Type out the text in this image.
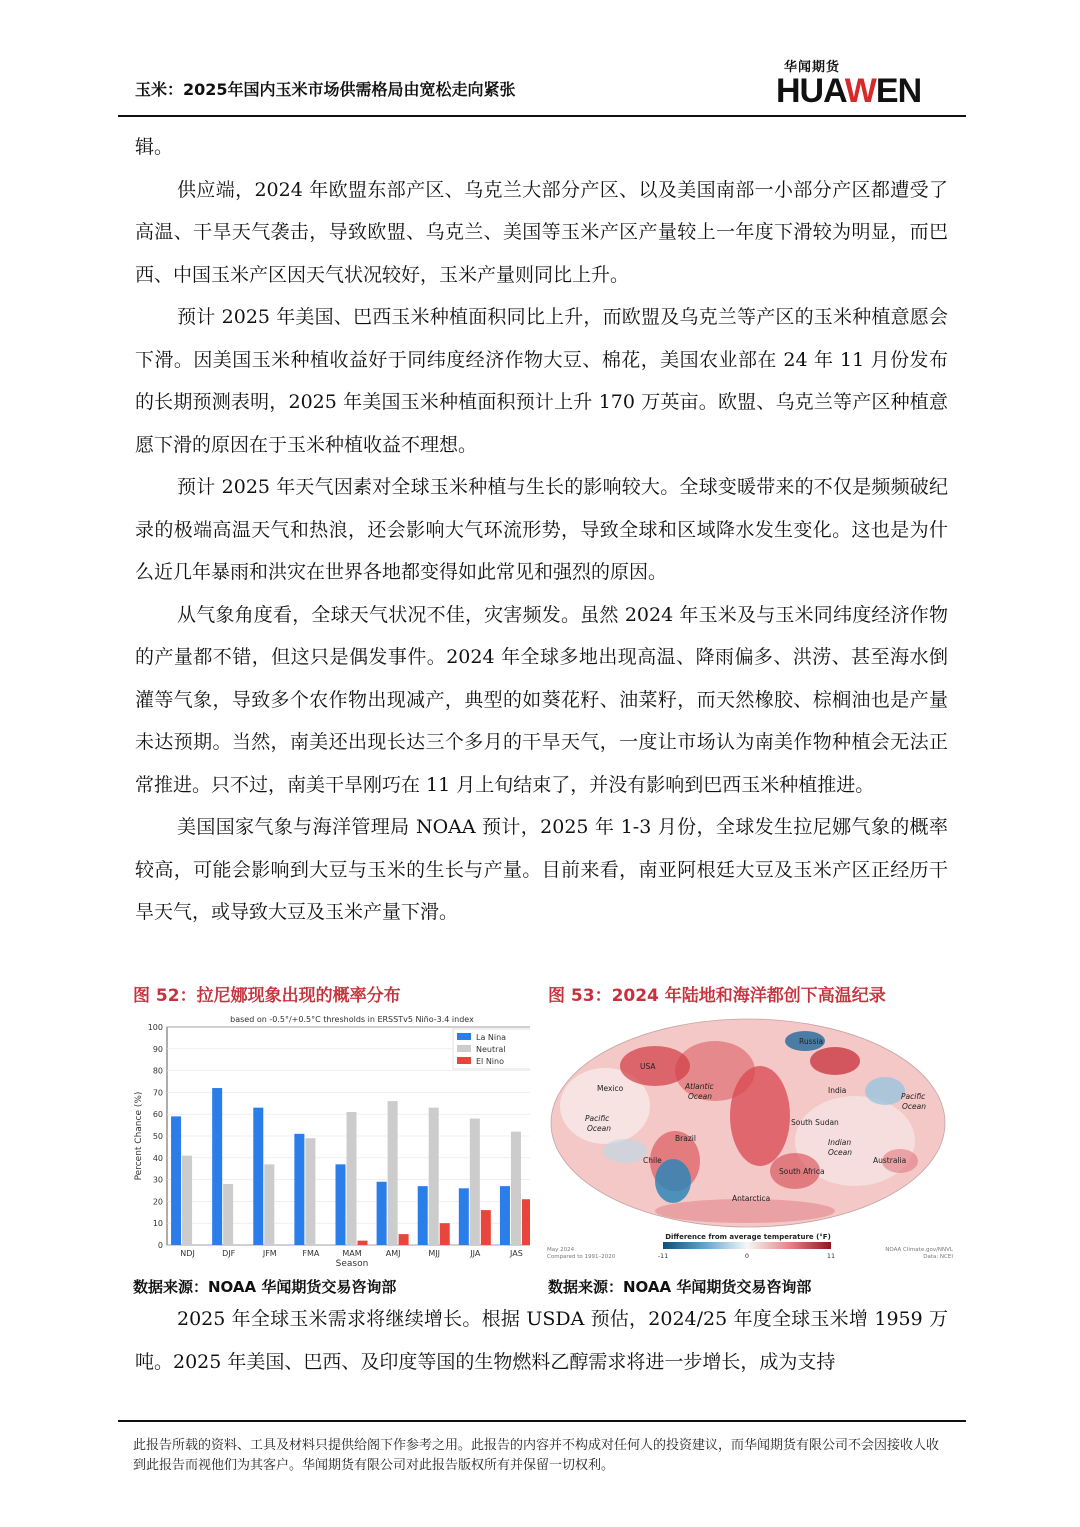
玉米：2025年国内玉米市场供需格局由宽松走向紧张
华闻期货
HUAWEN

辑。

供应端，2024 年欧盟东部产区、乌克兰大部分产区、以及美国南部一小部分产区都遭受了高温、干旱天气袭击，导致欧盟、乌克兰、美国等玉米产区产量较上一年度下滑较为明显，而巴西、中国玉米产区因天气状况较好，玉米产量则同比上升。

预计 2025 年美国、巴西玉米种植面积同比上升，而欧盟及乌克兰等产区的玉米种植意愿会下滑。因美国玉米种植收益好于同纬度经济作物大豆、棉花，美国农业部在 24 年 11 月份发布的长期预测表明，2025 年美国玉米种植面积预计上升 170 万英亩。欧盟、乌克兰等产区种植意愿下滑的原因在于玉米种植收益不理想。

预计 2025 年天气因素对全球玉米种植与生长的影响较大。全球变暖带来的不仅是频频破纪录的极端高温天气和热浪，还会影响大气环流形势，导致全球和区域降水发生变化。这也是为什么近几年暴雨和洪灾在世界各地都变得如此常见和强烈的原因。

从气象角度看，全球天气状况不佳，灾害频发。虽然 2024 年玉米及与玉米同纬度经济作物的产量都不错，但这只是偶发事件。2024 年全球多地出现高温、降雨偏多、洪涝、甚至海水倒灌等气象，导致多个农作物出现减产，典型的如葵花籽、油菜籽，而天然橡胶、棕榈油也是产量未达预期。当然，南美还出现长达三个多月的干旱天气，一度让市场认为南美作物种植会无法正常推进。只不过，南美干旱刚巧在 11 月上旬结束了，并没有影响到巴西玉米种植推进。

美国国家气象与海洋管理局 NOAA 预计，2025 年 1-3 月份，全球发生拉尼娜气象的概率较高，可能会影响到大豆与玉米的生长与产量。目前来看，南亚阿根廷大豆及玉米产区正经历干旱天气，或导致大豆及玉米产量下滑。

图 52：拉尼娜现象出现的概率分布	图 53：2024 年陆地和海洋都创下高温纪录
based on -0.5°/+0.5°C thresholds in ERSSTv5 Niño-3.4 index
0
10
20
30
40
50
60
70
80
90
100
NDJ	DJF	JFM	FMA	MAM	AMJ	MJJ	JJA	JAS
Season
Percent Chance (%)
La Nina
Neutral
El Nino
Russia
USA
Mexico	India
Atlantic
Ocean
Pacific
Ocean
Pacific
Ocean
Brazil
South Sudan
Indian
Ocean
Chile	Australia
South Africa
Antarctica
Difference from average temperature (°F)
-11	0	11
May 2024
Compared to 1991–2020
NOAA Climate.gov/NNVL
Data: NCEI
数据来源：NOAA 华闻期货交易咨询部	数据来源：NOAA 华闻期货交易咨询部

2025 年全球玉米需求将继续增长。根据 USDA 预估，2024/25 年度全球玉米增 1959 万吨。2025 年美国、巴西、及印度等国的生物燃料乙醇需求将进一步增长，成为支持

此报告所载的资料、工具及材料只提供给阁下作参考之用。此报告的内容并不构成对任何人的投资建议，而华闻期货有限公司不会因接收人收到此报告而视他们为其客户。华闻期货有限公司对此报告版权所有并保留一切权利。
